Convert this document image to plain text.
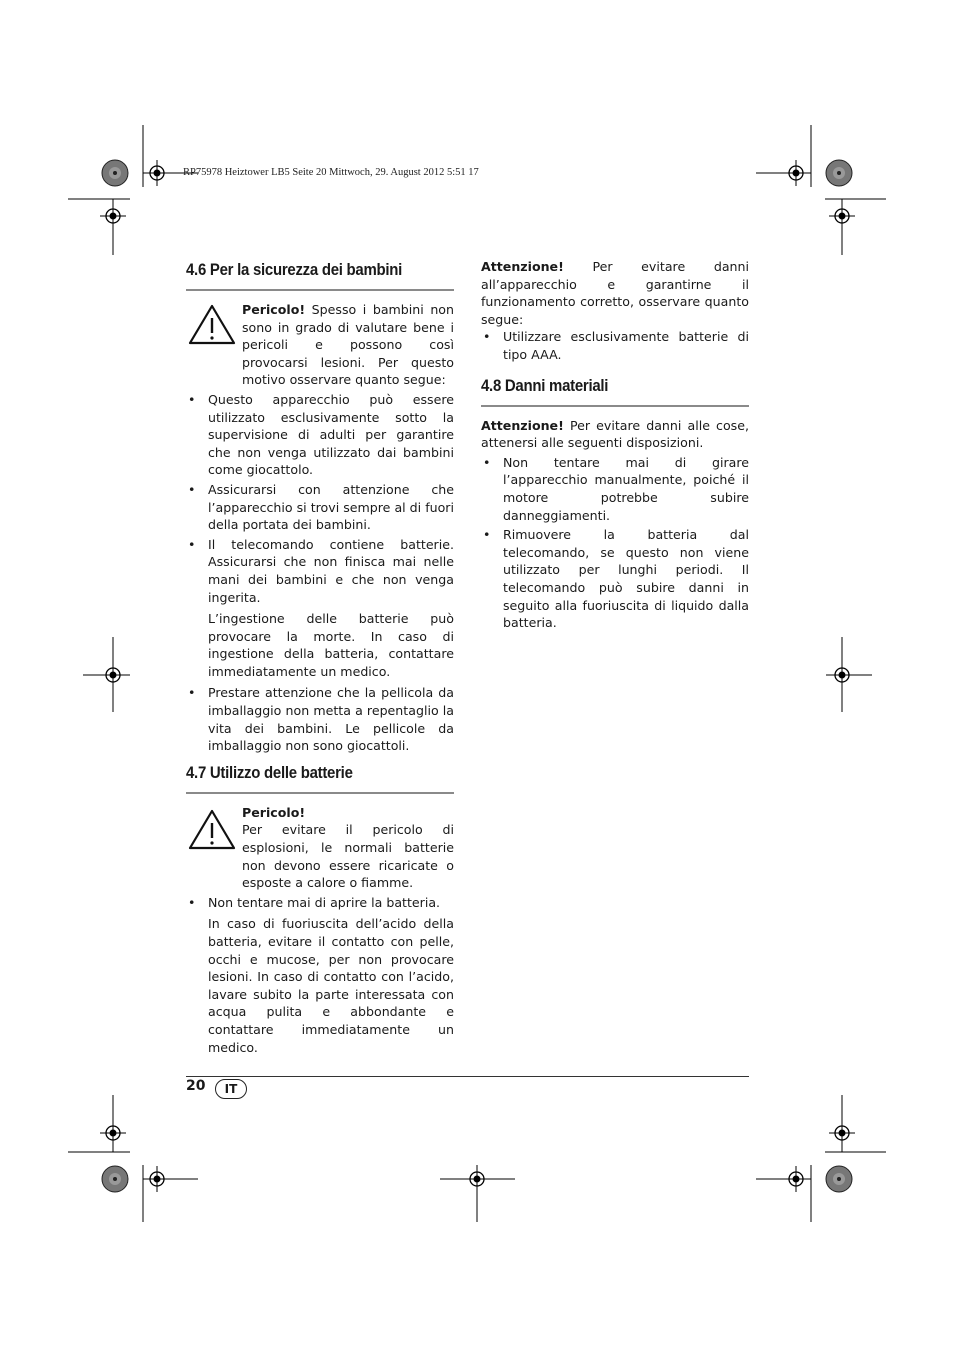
RP75978 Heiztower LB5 Seite 20 Mittwoch, 29. August 2012 5:51 17
4.6 Per la sicurezza dei bambini
Pericolo! Spesso i bambini non sono in grado di valutare bene i pericoli e possono così provocarsi lesioni. Per questo motivo osservare quanto segue:
• Questo apparecchio può essere utilizzato esclusivamente sotto la supervisione di adulti per garantire che non venga utilizzato dai bambini come giocattolo.
• Assicurarsi con attenzione che l’apparecchio si trovi sempre al di fuori della portata dei bambini.
• Il telecomando contiene batterie. Assicurarsi che non finisca mai nelle mani dei bambini e che non venga ingerita.

L’ingestione delle batterie può provocare la morte. In caso di ingestione della batteria, contattare immediatamente un medico.

• Prestare attenzione che la pellicola da imballaggio non metta a repentaglio la vita dei bambini. Le pellicole da imballaggio non sono giocattoli.
4.7 Utilizzo delle batterie
Pericolo!
Per evitare il pericolo di esplosioni, le normali batterie non devono essere ricaricate o esposte a calore o fiamme.
• Non tentare mai di aprire la batteria.

In caso di fuoriuscita dell’acido della batteria, evitare il contatto con pelle, occhi e mucose, per non provocare lesioni. In caso di contatto con l’acido, lavare subito la parte interessata con acqua pulita e abbondante e contattare immediatamente un medico.

Attenzione! Per evitare danni all’apparecchio e garantirne il funzionamento corretto, osservare quanto segue:

• Utilizzare esclusivamente batterie di tipo AAA.
4.8 Danni materiali

Attenzione! Per evitare danni alle cose, attenersi alle seguenti disposizioni.

• Non tentare mai di girare l’apparecchio manualmente, poiché il motore potrebbe subire danneggiamenti.
• Rimuovere la batteria dal telecomando, se questo non viene utilizzato per lunghi periodi. Il telecomando può subire danni in seguito alla fuoriuscita di liquido dalla batteria.
20	IT
